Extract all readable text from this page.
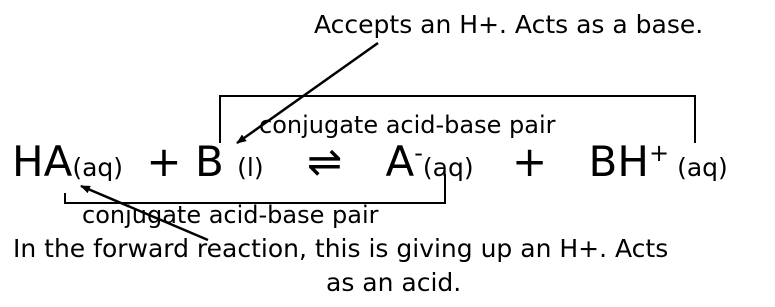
Accepts an H+. Acts as a base.
conjugate acid-base pair
HA(aq) + B (l) ⇌ A-(aq) + BH+ (aq)
conjugate acid-base pair
In the forward reaction, this is giving up an H+. Acts
as an acid.
